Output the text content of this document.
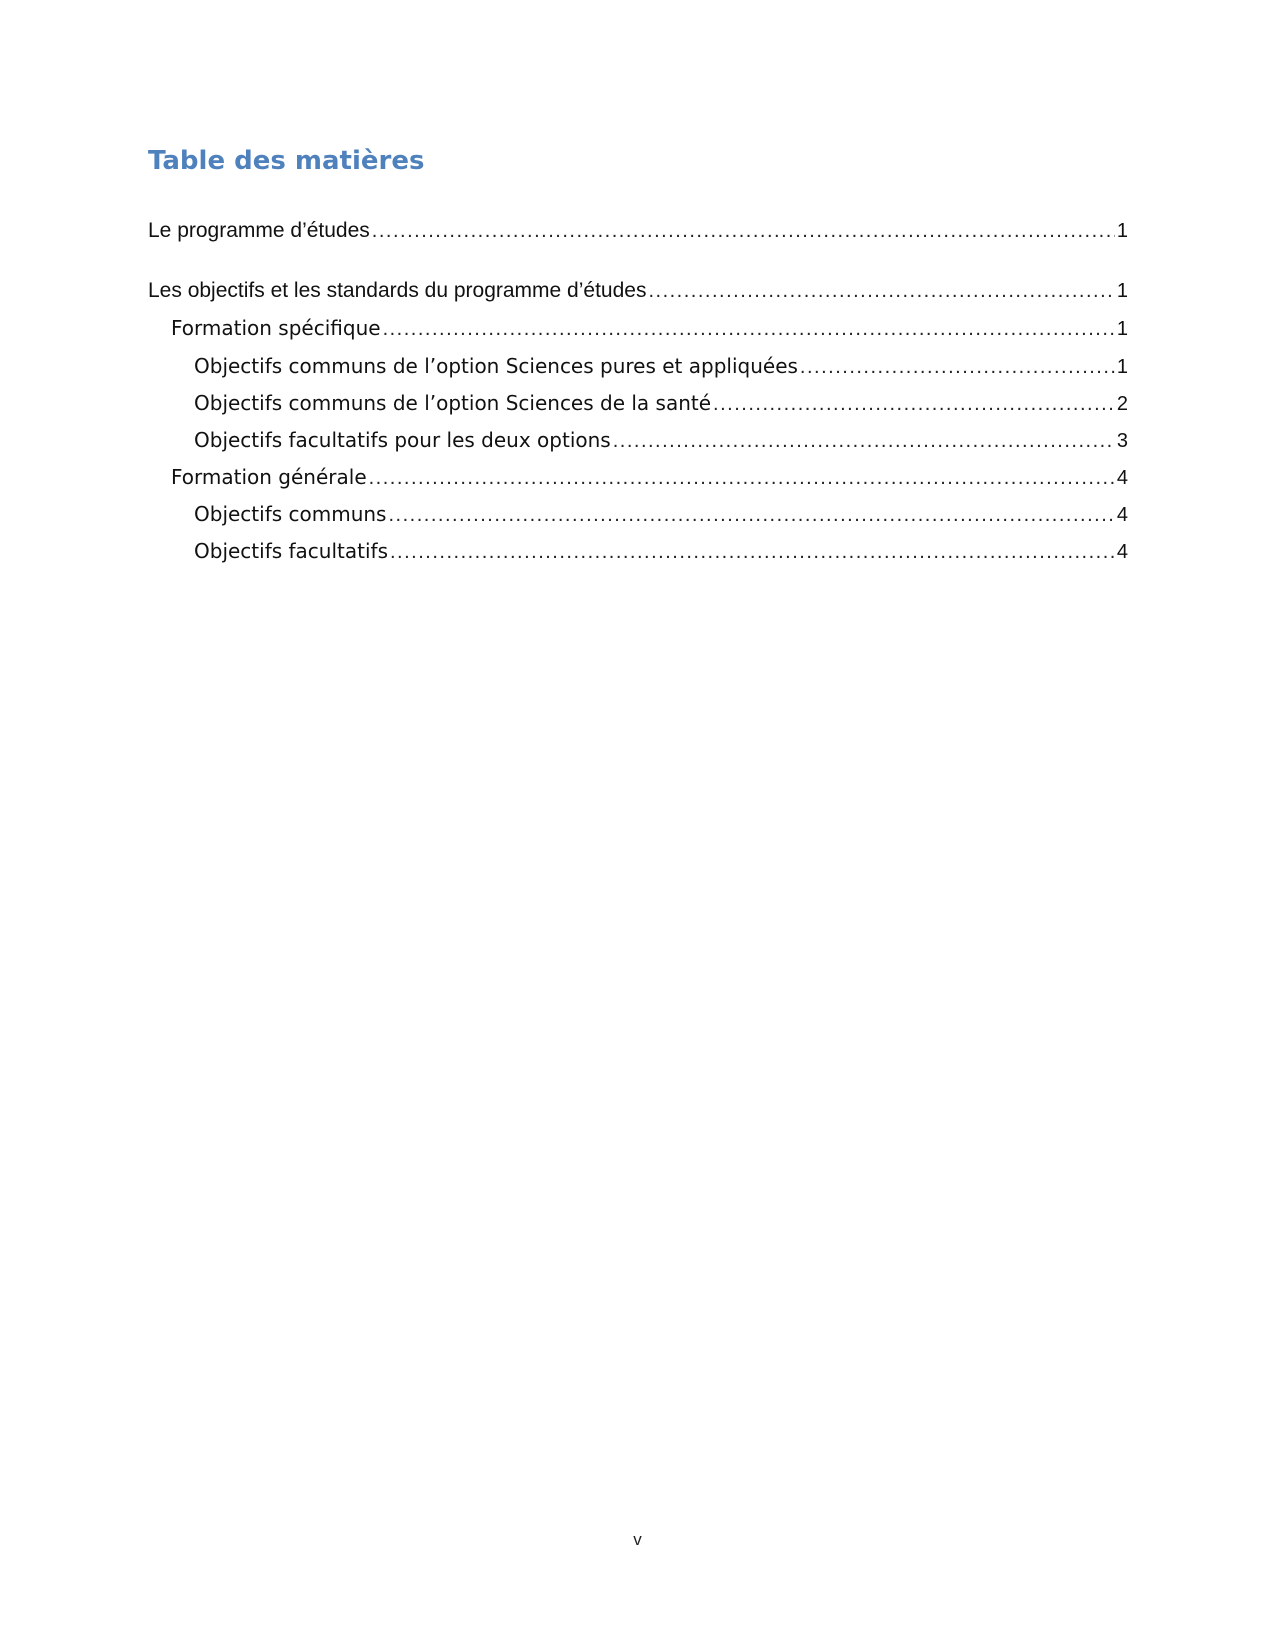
Table des matières
Le programme d’études .....	1
Les objectifs et les standards du programme d’études .....	1
Formation spécifique .....	1
Objectifs communs de l’option Sciences pures et appliquées .....	1
Objectifs communs de l’option Sciences de la santé .....	2
Objectifs facultatifs pour les deux options .....	3
Formation générale .....	4
Objectifs communs .....	4
Objectifs facultatifs .....	4
v
